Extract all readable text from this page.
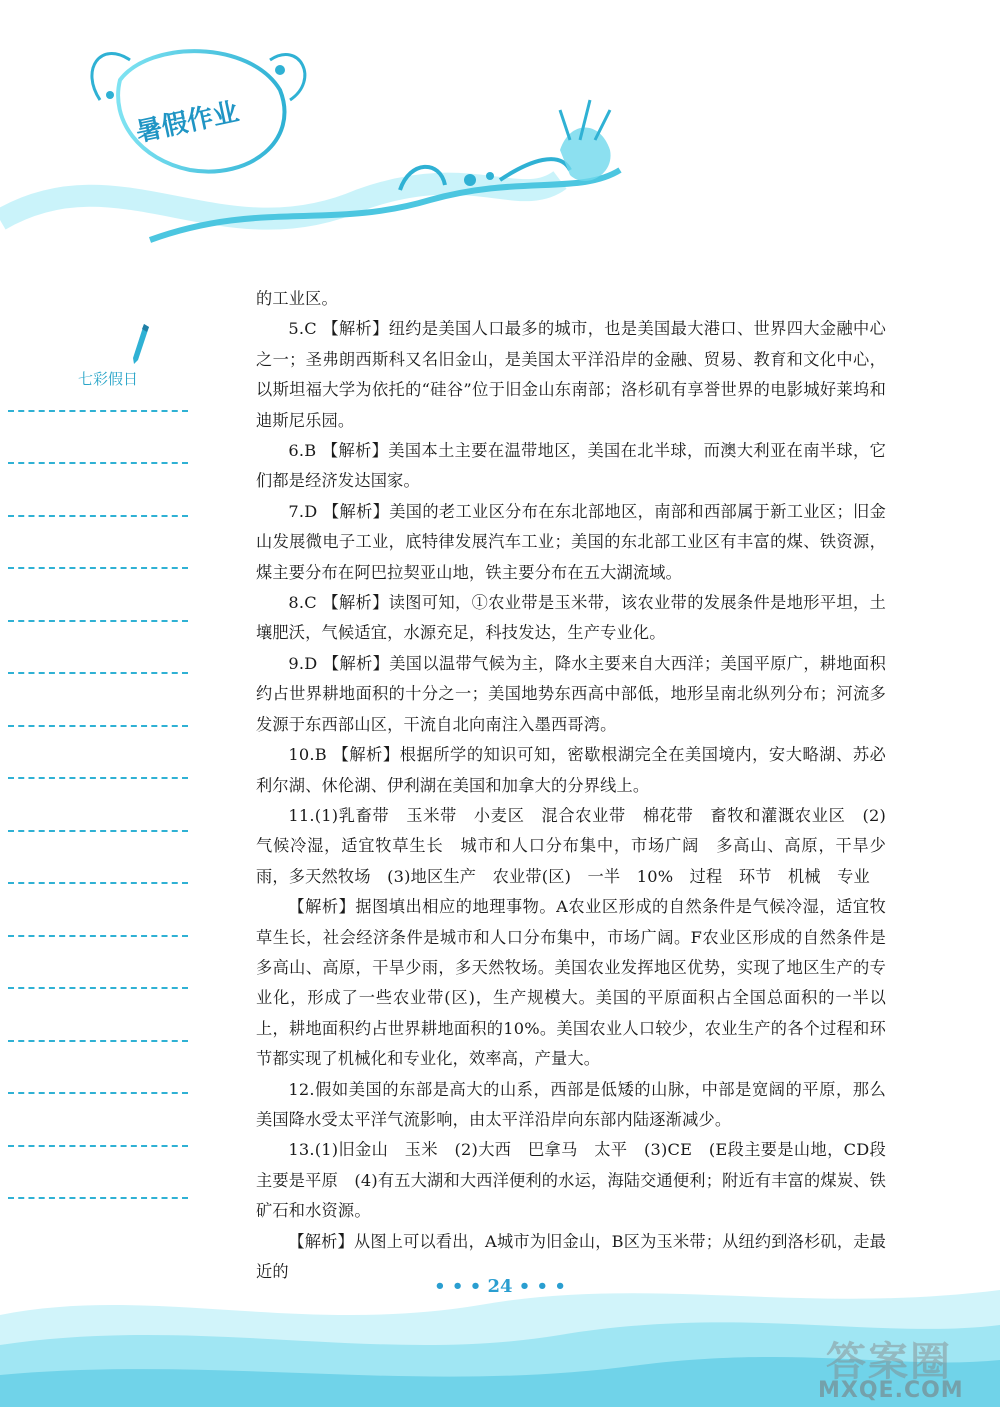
暑假作业
七彩假日

的工业区。

5.C 【解析】纽约是美国人口最多的城市，也是美国最大港口、世界四大金融中心之一；圣弗朗西斯科又名旧金山，是美国太平洋沿岸的金融、贸易、教育和文化中心，以斯坦福大学为依托的“硅谷”位于旧金山东南部；洛杉矶有享誉世界的电影城好莱坞和迪斯尼乐园。

6.B 【解析】美国本土主要在温带地区，美国在北半球，而澳大利亚在南半球，它们都是经济发达国家。

7.D 【解析】美国的老工业区分布在东北部地区，南部和西部属于新工业区；旧金山发展微电子工业，底特律发展汽车工业；美国的东北部工业区有丰富的煤、铁资源，煤主要分布在阿巴拉契亚山地，铁主要分布在五大湖流域。

8.C 【解析】读图可知，①农业带是玉米带，该农业带的发展条件是地形平坦，土壤肥沃，气候适宜，水源充足，科技发达，生产专业化。

9.D 【解析】美国以温带气候为主，降水主要来自大西洋；美国平原广，耕地面积约占世界耕地面积的十分之一；美国地势东西高中部低，地形呈南北纵列分布；河流多发源于东西部山区，干流自北向南注入墨西哥湾。

10.B 【解析】根据所学的知识可知，密歇根湖完全在美国境内，安大略湖、苏必利尔湖、休伦湖、伊利湖在美国和加拿大的分界线上。

11.(1)乳畜带　玉米带　小麦区　混合农业带　棉花带　畜牧和灌溉农业区　(2)气候冷湿，适宜牧草生长　城市和人口分布集中，市场广阔　多高山、高原，干旱少雨，多天然牧场　(3)地区生产　农业带(区)　一半　10%　过程　环节　机械　专业

【解析】据图填出相应的地理事物。A农业区形成的自然条件是气候冷湿，适宜牧草生长，社会经济条件是城市和人口分布集中，市场广阔。F农业区形成的自然条件是多高山、高原，干旱少雨，多天然牧场。美国农业发挥地区优势，实现了地区生产的专业化，形成了一些农业带(区)，生产规模大。美国的平原面积占全国总面积的一半以上，耕地面积约占世界耕地面积的10%。美国农业人口较少，农业生产的各个过程和环节都实现了机械化和专业化，效率高，产量大。

12.假如美国的东部是高大的山系，西部是低矮的山脉，中部是宽阔的平原，那么美国降水受太平洋气流影响，由太平洋沿岸向东部内陆逐渐减少。

13.(1)旧金山　玉米　(2)大西　巴拿马　太平　(3)CE　(E段主要是山地，CD段主要是平原　(4)有五大湖和大西洋便利的水运，海陆交通便利；附近有丰富的煤炭、铁矿石和水资源。

【解析】从图上可以看出，A城市为旧金山，B区为玉米带；从纽约到洛杉矶，走最近的

• • • 24 • • •
答案圈
MXQE.COM
